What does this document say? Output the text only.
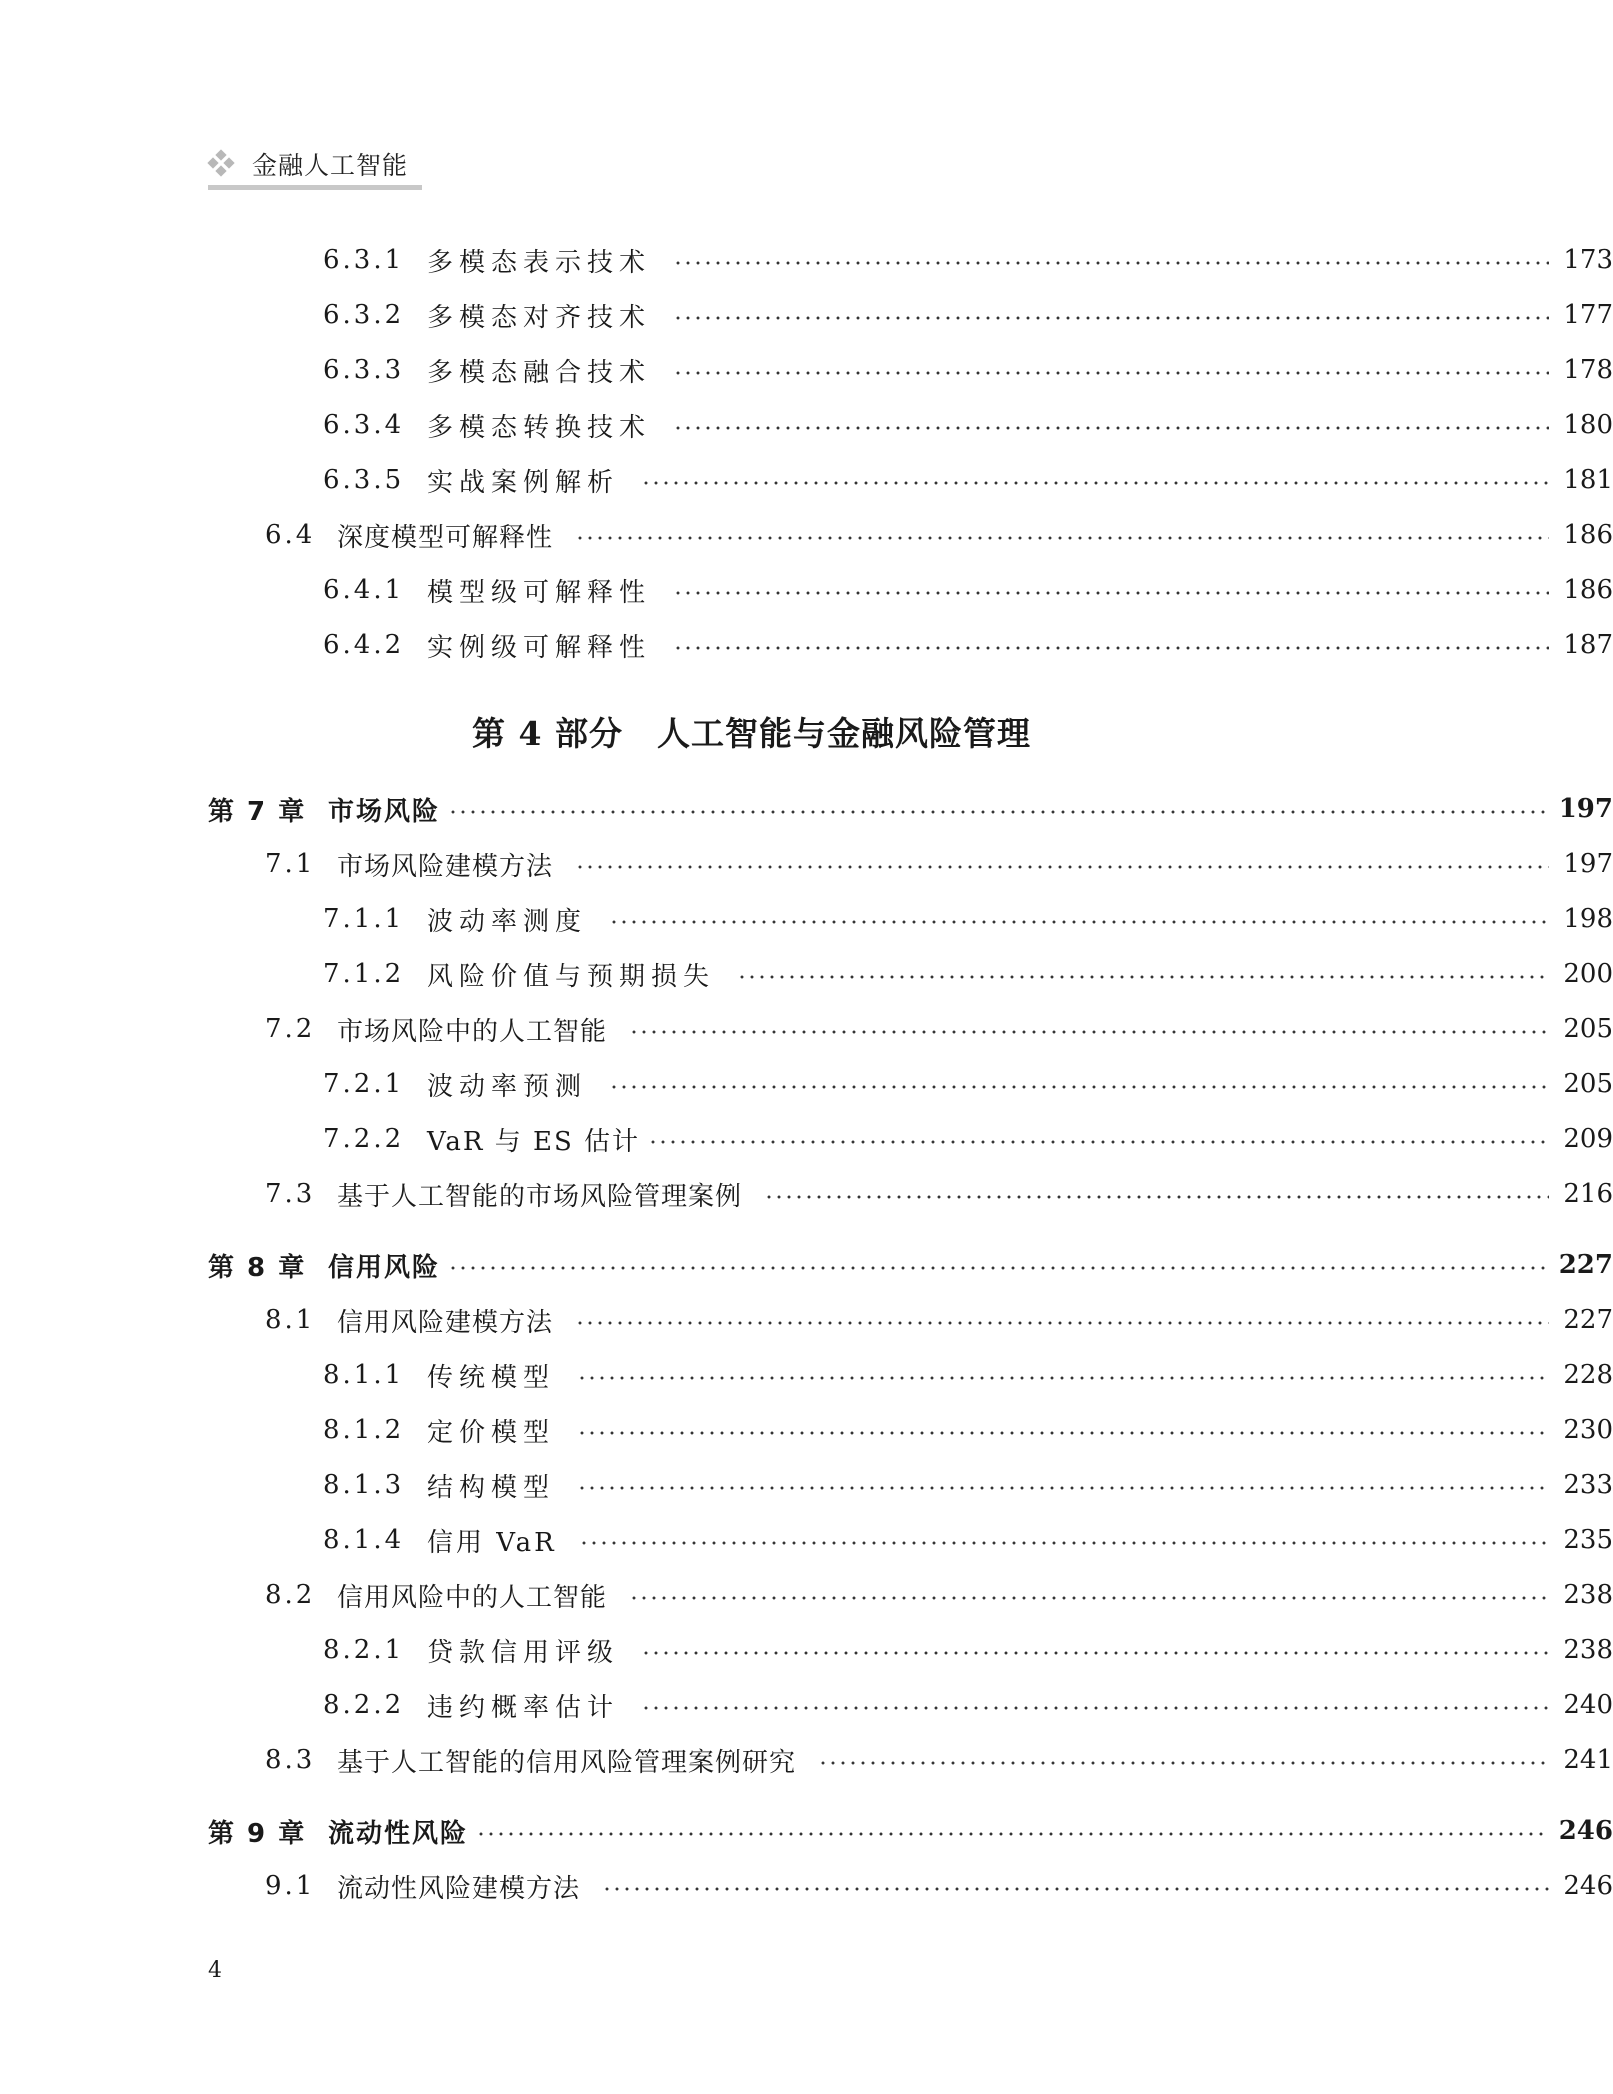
金融人工智能
6.3.1 多模态表示技术	173
6.3.2 多模态对齐技术	177
6.3.3 多模态融合技术	178
6.3.4 多模态转换技术	180
6.3.5 实战案例解析	181
6.4 深度模型可解释性	186
6.4.1 模型级可解释性	186
6.4.2 实例级可解释性	187
第 4 部分 人工智能与金融风险管理
第 7 章 市场风险	197
7.1 市场风险建模方法	197
7.1.1 波动率测度	198
7.1.2 风险价值与预期损失	200
7.2 市场风险中的人工智能	205
7.2.1 波动率预测	205
7.2.2 VaR 与 ES 估计	209
7.3 基于人工智能的市场风险管理案例	216
第 8 章 信用风险	227
8.1 信用风险建模方法	227
8.1.1 传统模型	228
8.1.2 定价模型	230
8.1.3 结构模型	233
8.1.4 信用 VaR	235
8.2 信用风险中的人工智能	238
8.2.1 贷款信用评级	238
8.2.2 违约概率估计	240
8.3 基于人工智能的信用风险管理案例研究	241
第 9 章 流动性风险	246
9.1 流动性风险建模方法	246
4
